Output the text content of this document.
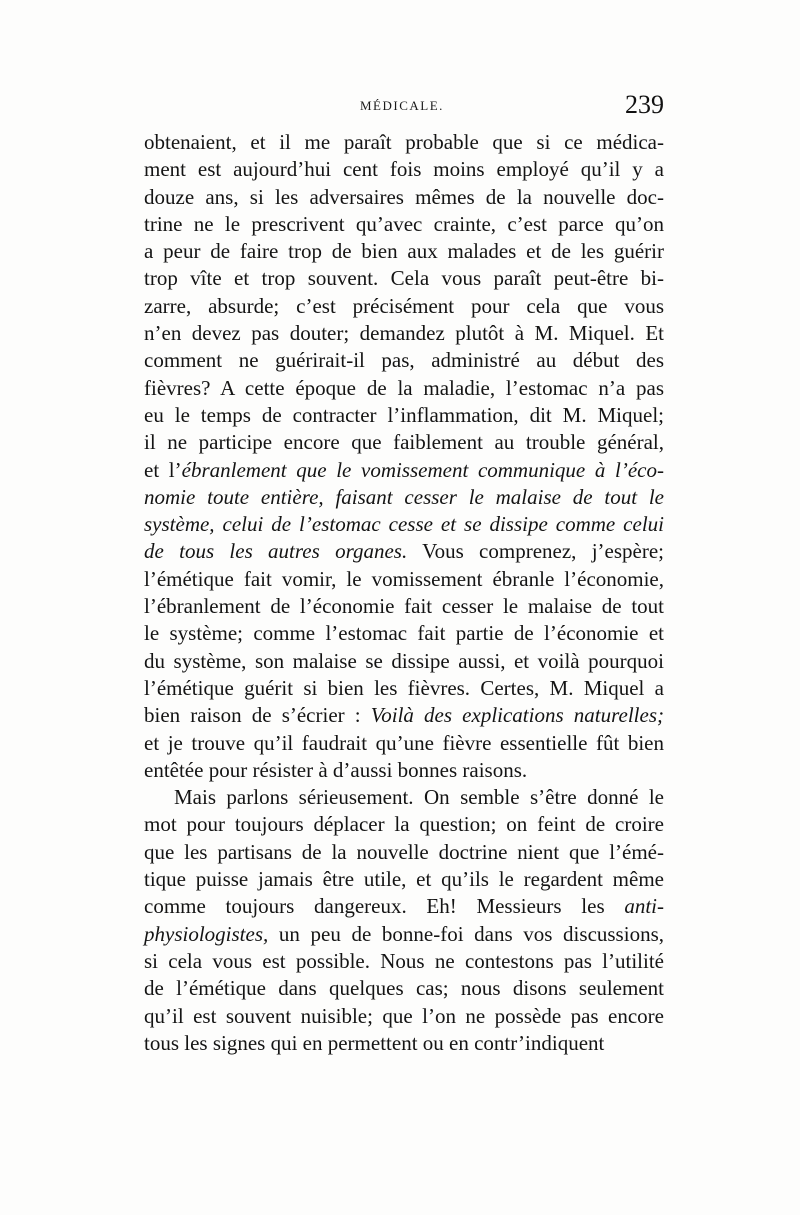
MÉDICALE.	239
obtenaient, et il me paraît probable que si ce médica-
ment est aujourd’hui cent fois moins employé qu’il y a
douze ans, si les adversaires mêmes de la nouvelle doc-
trine ne le prescrivent qu’avec crainte, c’est parce qu’on
a peur de faire trop de bien aux malades et de les guérir
trop vîte et trop souvent. Cela vous paraît peut-être bi-
zarre, absurde; c’est précisément pour cela que vous
n’en devez pas douter; demandez plutôt à M. Miquel. Et
comment ne guérirait-il pas, administré au début des
fièvres? A cette époque de la maladie, l’estomac n’a pas
eu le temps de contracter l’inflammation, dit M. Miquel;
il ne participe encore que faiblement au trouble général,
et l’ébranlement que le vomissement communique à l’éco-
nomie toute entière, faisant cesser le malaise de tout le
système, celui de l’estomac cesse et se dissipe comme celui
de tous les autres organes. Vous comprenez, j’espère;
l’émétique fait vomir, le vomissement ébranle l’économie,
l’ébranlement de l’économie fait cesser le malaise de tout
le système; comme l’estomac fait partie de l’économie et
du système, son malaise se dissipe aussi, et voilà pourquoi
l’émétique guérit si bien les fièvres. Certes, M. Miquel a
bien raison de s’écrier : Voilà des explications naturelles;
et je trouve qu’il faudrait qu’une fièvre essentielle fût bien
entêtée pour résister à d’aussi bonnes raisons.
Mais parlons sérieusement. On semble s’être donné le
mot pour toujours déplacer la question; on feint de croire
que les partisans de la nouvelle doctrine nient que l’émé-
tique puisse jamais être utile, et qu’ils le regardent même
comme toujours dangereux. Eh! Messieurs les anti-
physiologistes, un peu de bonne-foi dans vos discussions,
si cela vous est possible. Nous ne contestons pas l’utilité
de l’émétique dans quelques cas; nous disons seulement
qu’il est souvent nuisible; que l’on ne possède pas encore
tous les signes qui en permettent ou en contr’indiquent
